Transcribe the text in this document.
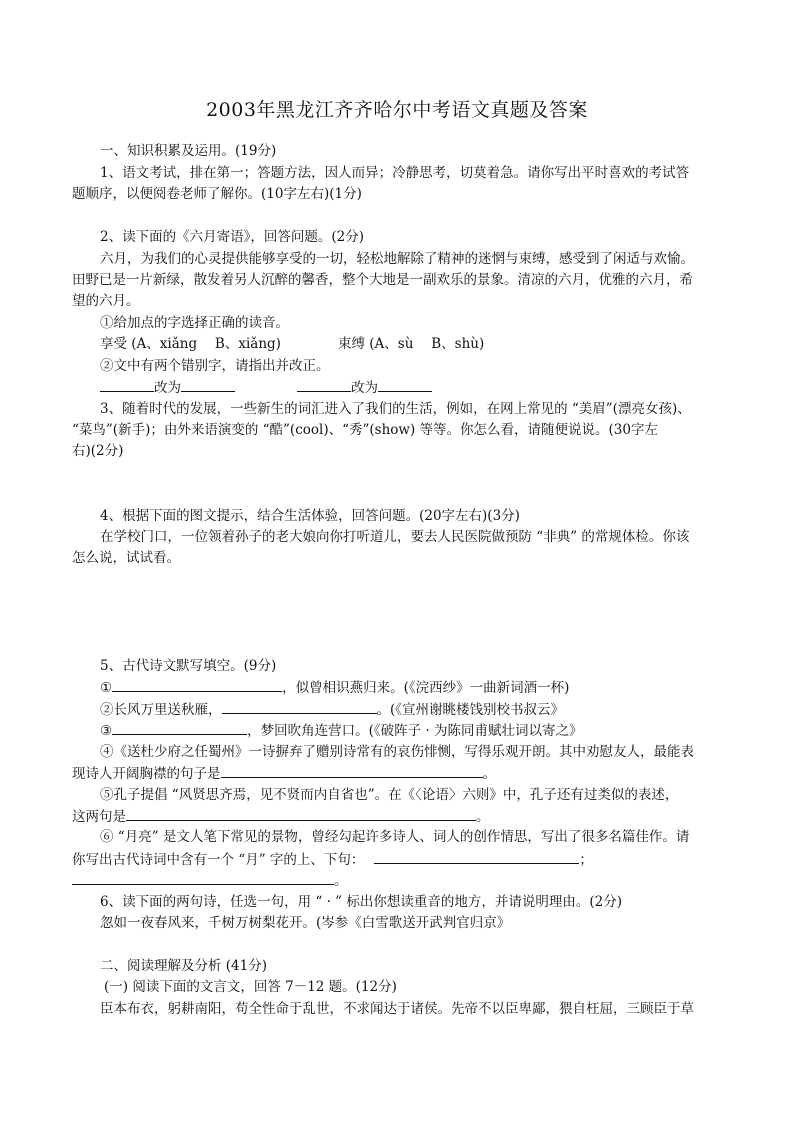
2003年黑龙江齐齐哈尔中考语文真题及答案
一、知识积累及运用。(19分)
1、语文考试，排在第一；答题方法，因人而异；冷静思考，切莫着急。请你写出平时喜欢的考试答
题顺序，以便阅卷老师了解你。(10字左右)(1分)
2、读下面的《六月寄语》，回答问题。(2分)
六月，为我们的心灵提供能够享受的一切，轻松地解除了精神的迷惘与束缚，感受到了闲适与欢愉。
田野已是一片新绿，散发着另人沉醉的馨香，整个大地是一副欢乐的景象。清凉的六月，优雅的六月，希
望的六月。
①给加点的字选择正确的读音。
享受 (A、xiǎng　 B、xiǎng)	束缚 (A、sù　 B、shù)
②文中有两个错别字，请指出并改正。
改为	改为
3、随着时代的发展，一些新生的词汇进入了我们的生活，例如，在网上常见的 “美眉”(漂亮女孩)、
“菜鸟”(新手)；由外来语演变的 “酷”(cool)、“秀”(show) 等等。你怎么看，请随便说说。(30字左
右)(2分)
4、根据下面的图文提示，结合生活体验，回答问题。(20字左右)(3分)
在学校门口，一位领着孙子的老大娘向你打听道儿，要去人民医院做预防 “非典” 的常规体检。你该
怎么说，试试看。
5、古代诗文默写填空。(9分)
①	，似曾相识燕归来。(《浣西纱》一曲新词酒一杯)
②长风万里送秋雁，	。(《宣州谢眺楼饯别校书叔云》
③	，梦回吹角连营口。(《破阵子 · 为陈同甫赋壮词以寄之》
④《送杜少府之任蜀州》一诗摒弃了赠别诗常有的哀伤悱恻，写得乐观开朗。其中劝慰友人，最能表
现诗人开阔胸襟的句子是	。
⑤孔子提倡 “风贤思齐焉，见不贤而内自省也”。在《〈论语〉六则》中，孔子还有过类似的表述，
这两句是	。
⑥ “月亮” 是文人笔下常见的景物，曾经勾起许多诗人、词人的创作情思，写出了很多名篇佳作。请
你写出古代诗词中含有一个 “月” 字的上、下句：	；
。
6、读下面的两句诗，任选一句，用 “ · ” 标出你想读重音的地方，并请说明理由。(2分)
忽如一夜春风来，千树万树梨花开。(岑参《白雪歌送开武判官归京》
二、阅读理解及分析 (41分)
(一) 阅读下面的文言文，回答 7－12 题。(12分)
臣本布衣，躬耕南阳，苟全性命于乱世，不求闻达于诸侯。先帝不以臣卑鄙，猥自枉屈，三顾臣于草
